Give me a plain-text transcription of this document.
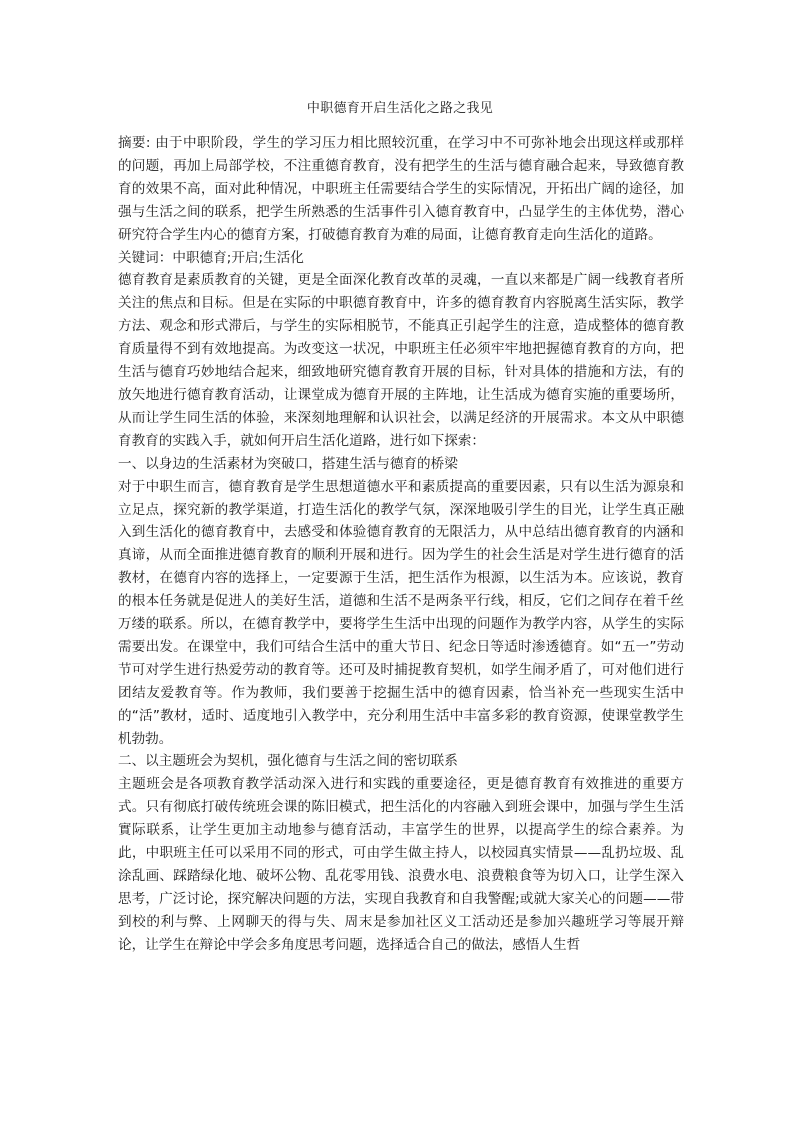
中职德育开启生活化之路之我见

摘要: 由于中职阶段，学生的学习压力相比照较沉重，在学习中不可弥补地会出现这样或那样的问题，再加上局部学校，不注重德育教育，没有把学生的生活与德育融合起来，导致德育教育的效果不高，面对此种情况，中职班主任需要结合学生的实际情况，开拓出广阔的途径，加强与生活之间的联系，把学生所熟悉的生活事件引入德育教育中，凸显学生的主体优势，潜心研究符合学生内心的德育方案，打破德育教育为难的局面，让德育教育走向生活化的道路。

关键词：中职德育;开启;生活化

德育教育是素质教育的关键，更是全面深化教育改革的灵魂，一直以来都是广阔一线教育者所关注的焦点和目标。但是在实际的中职德育教育中，许多的德育教育内容脱离生活实际，教学方法、观念和形式滞后，与学生的实际相脱节，不能真正引起学生的注意，造成整体的德育教育质量得不到有效地提高。为改变这一状况，中职班主任必须牢牢地把握德育教育的方向，把生活与德育巧妙地结合起来，细致地研究德育教育开展的目标，针对具体的措施和方法，有的放矢地进行德育教育活动，让课堂成为德育开展的主阵地，让生活成为德育实施的重要场所，从而让学生同生活的体验，来深刻地理解和认识社会，以满足经济的开展需求。本文从中职德育教育的实践入手，就如何开启生活化道路，进行如下探索：

一、以身边的生活素材为突破口，搭建生活与德育的桥梁

对于中职生而言，德育教育是学生思想道德水平和素质提高的重要因素，只有以生活为源泉和立足点，探究新的教学渠道，打造生活化的教学气氛，深深地吸引学生的目光，让学生真正融入到生活化的德育教育中，去感受和体验德育教育的无限活力，从中总结出德育教育的内涵和真谛，从而全面推进德育教育的顺利开展和进行。因为学生的社会生活是对学生进行德育的活教材，在德育内容的选择上，一定要源于生活，把生活作为根源，以生活为本。应该说，教育的根本任务就是促进人的美好生活，道德和生活不是两条平行线，相反，它们之间存在着千丝万缕的联系。所以，在德育教学中，要将学生生活中出现的问题作为教学内容，从学生的实际需要出发。在课堂中，我们可结合生活中的重大节日、纪念日等适时渗透德育。如“五一”劳动节可对学生进行热爱劳动的教育等。还可及时捕捉教育契机，如学生闹矛盾了，可对他们进行团结友爱教育等。作为教师，我们要善于挖掘生活中的德育因素，恰当补充一些现实生活中的“活”教材，适时、适度地引入教学中，充分利用生活中丰富多彩的教育资源，使课堂教学生机勃勃。

二、以主题班会为契机，强化德育与生活之间的密切联系

主题班会是各项教育教学活动深入进行和实践的重要途径，更是德育教育有效推进的重要方式。只有彻底打破传统班会课的陈旧模式，把生活化的内容融入到班会课中，加强与学生生活實际联系，让学生更加主动地参与德育活动，丰富学生的世界，以提高学生的综合素养。为此，中职班主任可以采用不同的形式，可由学生做主持人，以校园真实情景——乱扔垃圾、乱涂乱画、踩踏绿化地、破坏公物、乱花零用钱、浪费水电、浪费粮食等为切入口，让学生深入思考，广泛讨论，探究解决问题的方法，实现自我教育和自我警醒;或就大家关心的问题——带到校的利与弊、上网聊天的得与失、周末是参加社区义工活动还是参加兴趣班学习等展开辩论，让学生在辩论中学会多角度思考问题，选择适合自己的做法，感悟人生哲
